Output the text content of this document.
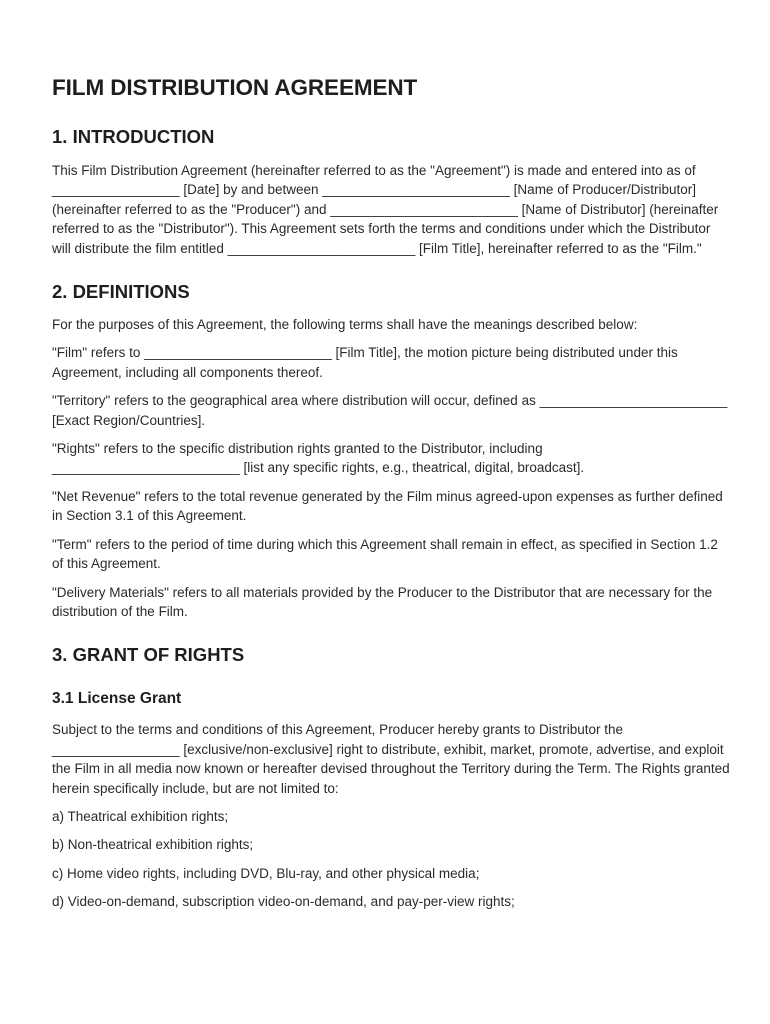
FILM DISTRIBUTION AGREEMENT
1. INTRODUCTION

This Film Distribution Agreement (hereinafter referred to as the "Agreement") is made and entered into as of _________________ [Date] by and between _________________________ [Name of Producer/Distributor] (hereinafter referred to as the "Producer") and _________________________ [Name of Distributor] (hereinafter referred to as the "Distributor"). This Agreement sets forth the terms and conditions under which the Distributor will distribute the film entitled _________________________ [Film Title], hereinafter referred to as the "Film."

2. DEFINITIONS

For the purposes of this Agreement, the following terms shall have the meanings described below:

"Film" refers to _________________________ [Film Title], the motion picture being distributed under this Agreement, including all components thereof.

"Territory" refers to the geographical area where distribution will occur, defined as _________________________ [Exact Region/Countries].

"Rights" refers to the specific distribution rights granted to the Distributor, including _________________________ [list any specific rights, e.g., theatrical, digital, broadcast].

"Net Revenue" refers to the total revenue generated by the Film minus agreed-upon expenses as further defined in Section 3.1 of this Agreement.

"Term" refers to the period of time during which this Agreement shall remain in effect, as specified in Section 1.2 of this Agreement.

"Delivery Materials" refers to all materials provided by the Producer to the Distributor that are necessary for the distribution of the Film.

3. GRANT OF RIGHTS
3.1 License Grant

Subject to the terms and conditions of this Agreement, Producer hereby grants to Distributor the _________________ [exclusive/non-exclusive] right to distribute, exhibit, market, promote, advertise, and exploit the Film in all media now known or hereafter devised throughout the Territory during the Term. The Rights granted herein specifically include, but are not limited to:

a) Theatrical exhibition rights;

b) Non-theatrical exhibition rights;

c) Home video rights, including DVD, Blu-ray, and other physical media;

d) Video-on-demand, subscription video-on-demand, and pay-per-view rights;
